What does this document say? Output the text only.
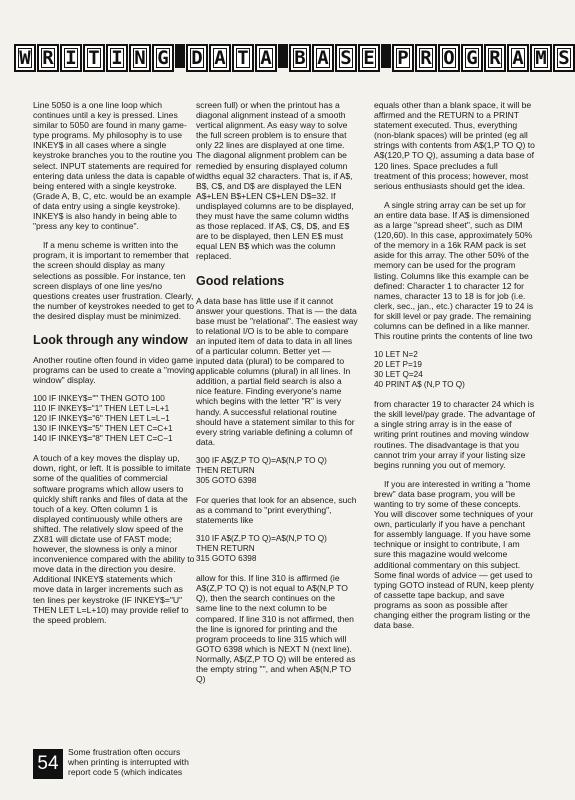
W R I T I N G D A T A B A S E P R O G R A M S

Line 5050 is a one line loop which continues until a key is pressed. Lines similar to 5050 are found in many game-type programs. My philosophy is to use INKEY$ in all cases where a single keystroke branches you to the routine you select. INPUT statements are required for entering data unless the data is capable of being entered with a single keystroke. (Grade A, B, C, etc. would be an example of data entry using a single keystroke). INKEY$ is also handy in being able to "press any key to continue".

If a menu scheme is written into the program, it is important to remember that the screen should display as many selections as possible. For instance, ten screen displays of one line yes/no questions creates user frustration. Clearly, the number of keystrokes needed to get to the desired display must be minimized.

Look through any window

Another routine often found in video game programs can be used to create a "moving window" display.

100 IF INKEY$="" THEN GOTO 100
110 IF INKEY$="1" THEN LET L=L+1
120 IF INKEY$="6" THEN LET L=L−1
130 IF INKEY$="5" THEN LET C=C+1
140 IF INKEY$="8" THEN LET C=C−1

A touch of a key moves the display up, down, right, or left. It is possible to imitate some of the qualities of commercial software programs which allow users to quickly shift ranks and files of data at the touch of a key. Often column 1 is displayed continuously while others are shifted. The relatively slow speed of the ZX81 will dictate use of FAST mode; however, the slowness is only a minor inconvenience compared with the ability to move data in the direction you desire. Additional INKEY$ statements which move data in larger increments such as ten lines per keystroke (IF INKEY$="U" THEN LET L=L+10) may provide relief to the speed problem.

54
Some frustration often occurs when printing is interrupted with report code 5 (which indicates

screen full) or when the printout has a diagonal alignment instead of a smooth vertical alignment. As easy way to solve the full screen problem is to ensure that only 22 lines are displayed at one time. The diagonal alignment problem can be remedied by ensuring displayed column widths equal 32 characters. That is, if A$, B$, C$, and D$ are displayed the LEN A$+LEN B$+LEN C$+LEN D$=32. If undisplayed columns are to be displayed, they must have the same column widths as those replaced. If A$, C$, D$, and E$ are to be displayed, then LEN E$ must equal LEN B$ which was the column replaced.

Good relations

A data base has little use if it cannot answer your questions. That is — the data base must be "relational". The easiest way to relational I/O is to be able to compare an inputed item of data to data in all lines of a particular column. Better yet — inputed data (plural) to be compared to applicable columns (plural) in all lines. In addition, a partial field search is also a nice feature. Finding everyone's name which begins with the letter "R" is very handy. A successful relational routine should have a statement similar to this for every string variable defining a column of data.

300 IF A$(Z,P TO Q)=A$(N,P TO Q)
THEN RETURN
305 GOTO 6398

For queries that look for an absence, such as a command to "print everything", statements like

310 IF A$(Z,P TO Q)=A$(N,P TO Q)
THEN RETURN
315 GOTO 6398

allow for this. If line 310 is affirmed (ie A$(Z,P TO Q) is not equal to A$(N,P TO Q), then the search continues on the same line to the next column to be compared. If line 310 is not affirmed, then the line is ignored for printing and the program proceeds to line 315 which will GOTO 6398 which is NEXT N (next line). Normally, A$(Z,P TO Q) will be entered as the empty string "", and when A$(N,P TO Q)

equals other than a blank space, it will be affirmed and the RETURN to a PRINT statement executed. Thus, everything (non-blank spaces) will be printed (eg all strings with contents from A$(1,P TO Q) to A$(120,P TO Q), assuming a data base of 120 lines. Space precludes a full treatment of this process; however, most serious enthusiasts should get the idea.

A single string array can be set up for an entire data base. If A$ is dimensioned as a large "spread sheet", such as DIM (120,60). In this case, approximately 50% of the memory in a 16k RAM pack is set aside for this array. The other 50% of the memory can be used for the program listing. Columns like this example can be defined: Character 1 to character 12 for names, character 13 to 18 is for job (i.e. clerk, sec., jan., etc.) character 19 to 24 is for skill level or pay grade. The remaining columns can be defined in a like manner. This routine prints the contents of line two

10 LET N=2
20 LET P=19
30 LET Q=24
40 PRINT A$ (N,P TO Q)

from character 19 to character 24 which is the skill level/pay grade. The advantage of a single string array is in the ease of writing print routines and moving window routines. The disadvantage is that you cannot trim your array if your listing size begins running you out of memory.

If you are interested in writing a "home brew" data base program, you will be wanting to try some of these concepts. You will discover some techniques of your own, particularly if you have a penchant for assembly language. If you have some technique or insight to contribute, I am sure this magazine would welcome additional commentary on this subject. Some final words of advice — get used to typing GOTO instead of RUN, keep plenty of cassette tape backup, and save programs as soon as possible after changing either the program listing or the data base.
